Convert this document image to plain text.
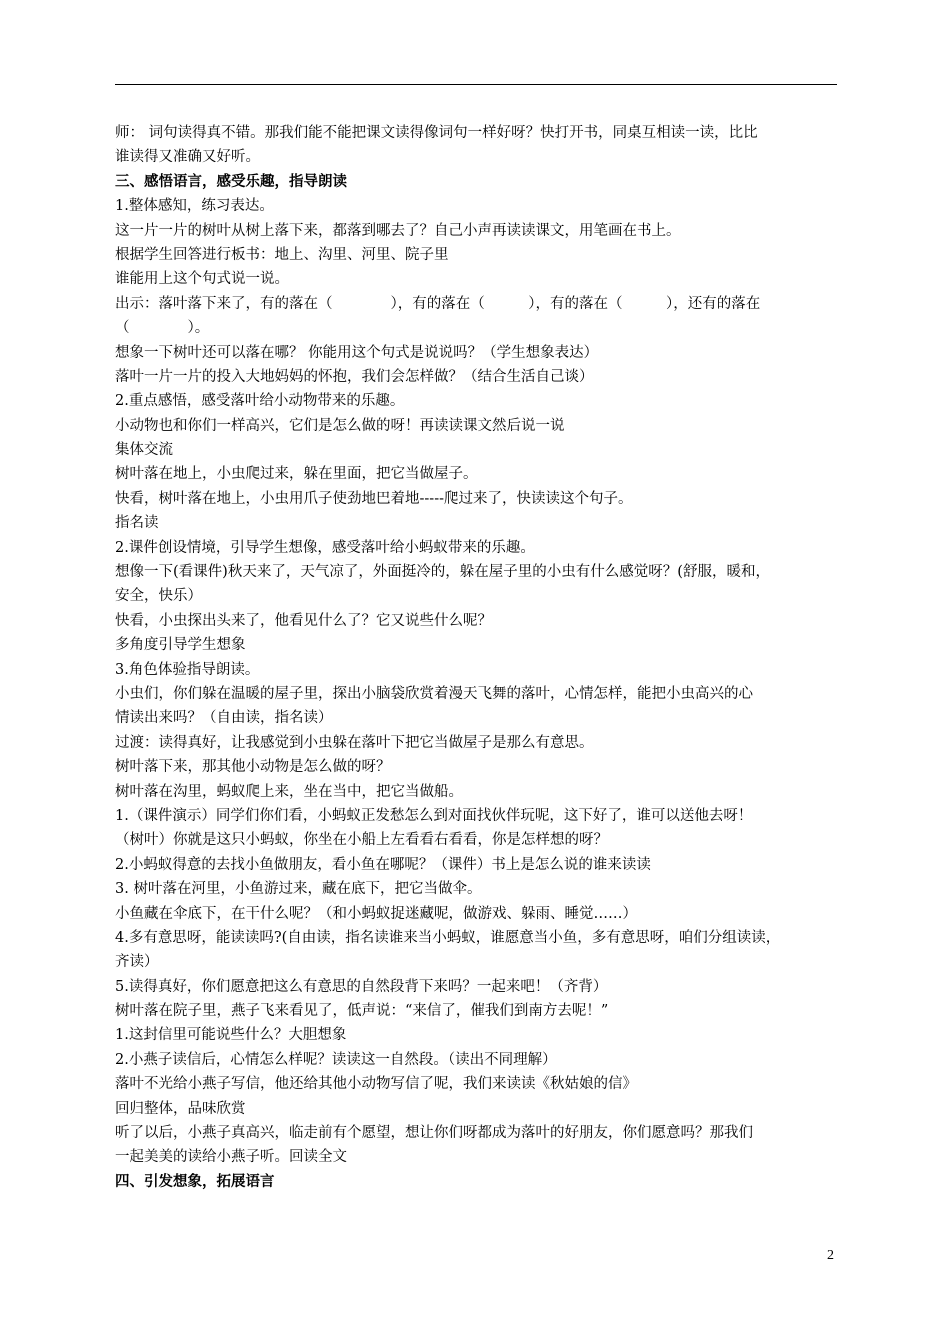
师： 词句读得真不错。那我们能不能把课文读得像词句一样好呀？快打开书，同桌互相读一读，比比
谁读得又准确又好听。
三、感悟语言，感受乐趣，指导朗读
1.整体感知，练习表达。
这一片一片的树叶从树上落下来，都落到哪去了？自己小声再读读课文，用笔画在书上。
根据学生回答进行板书：地上、沟里、河里、院子里
谁能用上这个句式说一说。
出示：落叶落下来了，有的落在（　　　　），有的落在（　　　），有的落在（　　　），还有的落在
（　　　　）。
想象一下树叶还可以落在哪？ 你能用这个句式是说说吗？（学生想象表达）
落叶一片一片的投入大地妈妈的怀抱，我们会怎样做？（结合生活自己谈）
2.重点感悟，感受落叶给小动物带来的乐趣。
小动物也和你们一样高兴，它们是怎么做的呀！再读读课文然后说一说
集体交流
树叶落在地上，小虫爬过来，躲在里面，把它当做屋子。
快看，树叶落在地上，小虫用爪子使劲地巴着地-----爬过来了，快读读这个句子。
指名读
2.课件创设情境，引导学生想像，感受落叶给小蚂蚁带来的乐趣。
想像一下(看课件)秋天来了，天气凉了，外面挺冷的，躲在屋子里的小虫有什么感觉呀？(舒服，暖和，
安全，快乐）
快看，小虫探出头来了，他看见什么了？它又说些什么呢？
多角度引导学生想象
3.角色体验指导朗读。
小虫们，你们躲在温暖的屋子里，探出小脑袋欣赏着漫天飞舞的落叶，心情怎样，能把小虫高兴的心
情读出来吗？（自由读，指名读）
过渡：读得真好，让我感觉到小虫躲在落叶下把它当做屋子是那么有意思。
树叶落下来，那其他小动物是怎么做的呀？
树叶落在沟里，蚂蚁爬上来，坐在当中，把它当做船。
1.（课件演示）同学们你们看，小蚂蚁正发愁怎么到对面找伙伴玩呢，这下好了，谁可以送他去呀！
（树叶）你就是这只小蚂蚁，你坐在小船上左看看右看看，你是怎样想的呀？
2.小蚂蚁得意的去找小鱼做朋友，看小鱼在哪呢？（课件）书上是怎么说的谁来读读
3. 树叶落在河里，小鱼游过来，藏在底下，把它当做伞。
小鱼藏在伞底下，在干什么呢？（和小蚂蚁捉迷藏呢，做游戏、躲雨、睡觉……）
4.多有意思呀，能读读吗?(自由读，指名读谁来当小蚂蚁，谁愿意当小鱼，多有意思呀，咱们分组读读，
齐读）
5.读得真好，你们愿意把这么有意思的自然段背下来吗？一起来吧！（齐背）
树叶落在院子里，燕子飞来看见了，低声说：“来信了，催我们到南方去呢！”
1.这封信里可能说些什么？大胆想象
2.小燕子读信后，心情怎么样呢？读读这一自然段。（读出不同理解）
落叶不光给小燕子写信，他还给其他小动物写信了呢，我们来读读《秋姑娘的信》
回归整体，品味欣赏
听了以后，小燕子真高兴，临走前有个愿望，想让你们呀都成为落叶的好朋友，你们愿意吗？那我们
一起美美的读给小燕子听。回读全文
四、引发想象，拓展语言
2
